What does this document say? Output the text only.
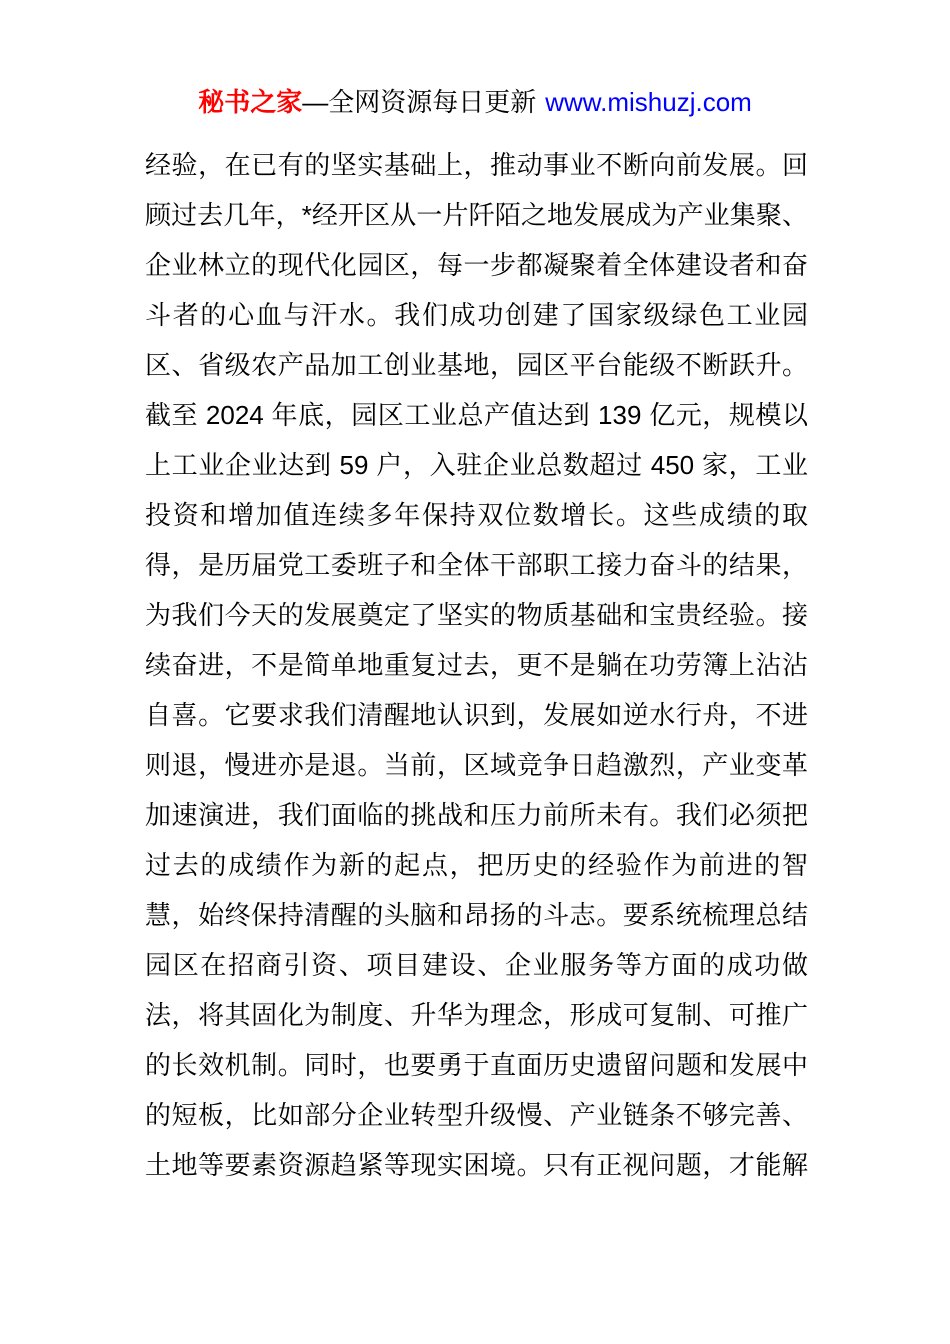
秘书之家—全网资源每日更新 www.mishuzj.com
经验，在已有的坚实基础上，推动事业不断向前发展。回
顾过去几年，*经开区从一片阡陌之地发展成为产业集聚、
企业林立的现代化园区，每一步都凝聚着全体建设者和奋
斗者的心血与汗水。我们成功创建了国家级绿色工业园
区、省级农产品加工创业基地，园区平台能级不断跃升。
截至 2024 年底，园区工业总产值达到 139 亿元，规模以
上工业企业达到 59 户，入驻企业总数超过 450 家，工业
投资和增加值连续多年保持双位数增长。这些成绩的取
得，是历届党工委班子和全体干部职工接力奋斗的结果，
为我们今天的发展奠定了坚实的物质基础和宝贵经验。接
续奋进，不是简单地重复过去，更不是躺在功劳簿上沾沾
自喜。它要求我们清醒地认识到，发展如逆水行舟，不进
则退，慢进亦是退。当前，区域竞争日趋激烈，产业变革
加速演进，我们面临的挑战和压力前所未有。我们必须把
过去的成绩作为新的起点，把历史的经验作为前进的智
慧，始终保持清醒的头脑和昂扬的斗志。要系统梳理总结
园区在招商引资、项目建设、企业服务等方面的成功做
法，将其固化为制度、升华为理念，形成可复制、可推广
的长效机制。同时，也要勇于直面历史遗留问题和发展中
的短板，比如部分企业转型升级慢、产业链条不够完善、
土地等要素资源趋紧等现实困境。只有正视问题，才能解
